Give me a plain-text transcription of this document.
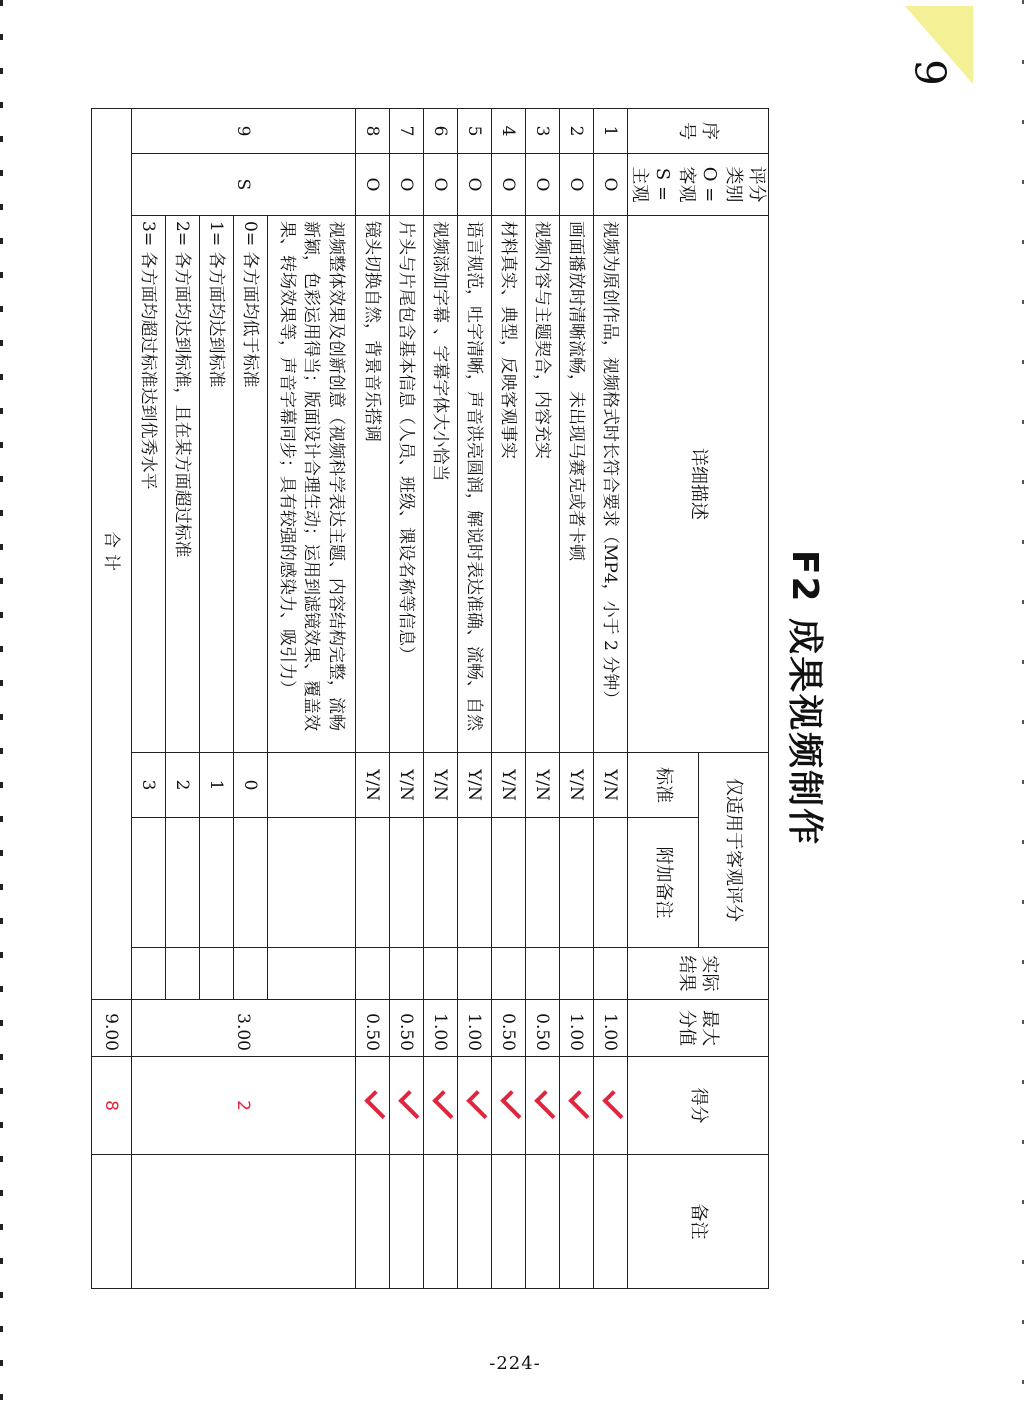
9
-224-
F2 成果视频制作
序号	评分类别
O = 客观
S = 主观	详细描述	仅适用于客观评分		实际结果	最大分值	得分	备注
			标准	附加备注				
1	O	视频为原创作品，视频格式时长符合要求（MP4，小于 2 分钟）	Y/N			1.00		
2	O	画面播放时清晰流畅，未出现马赛克或者卡顿	Y/N			1.00		
3	O	视频内容与主题契合，内容充实	Y/N			0.50		
4	O	材料真实、典型，反映客观事实	Y/N			0.50		
5	O	语言规范，吐字清晰，声音洪亮圆润，解说时表达准确、流畅、自然	Y/N			1.00		
6	O	视频添加字幕 、字幕字体大小恰当	Y/N			1.00		
7	O	片头与片尾包含基本信息（人员、班级、课设名称等信息）	Y/N			0.50		
8	O	镜头切换自然，背景音乐搭调	Y/N			0.50		
9	S	视频整体效果及创新创意（视频科学表达主题、内容结构完整，流畅新颖，色彩运用得当；版面设计合理生动；运用到滤镜效果、覆盖效果、转场效果等，声音字幕同步；具有较强的感染力、吸引力）				3.00	2	
		0= 各方面均低于标准	0					
		1= 各方面均达到标准	1					
		2= 各方面均达到标准，且在某方面超过标准	2					
		3= 各方面均超过标准达到优秀水平	3					
合计						9.00	8	
